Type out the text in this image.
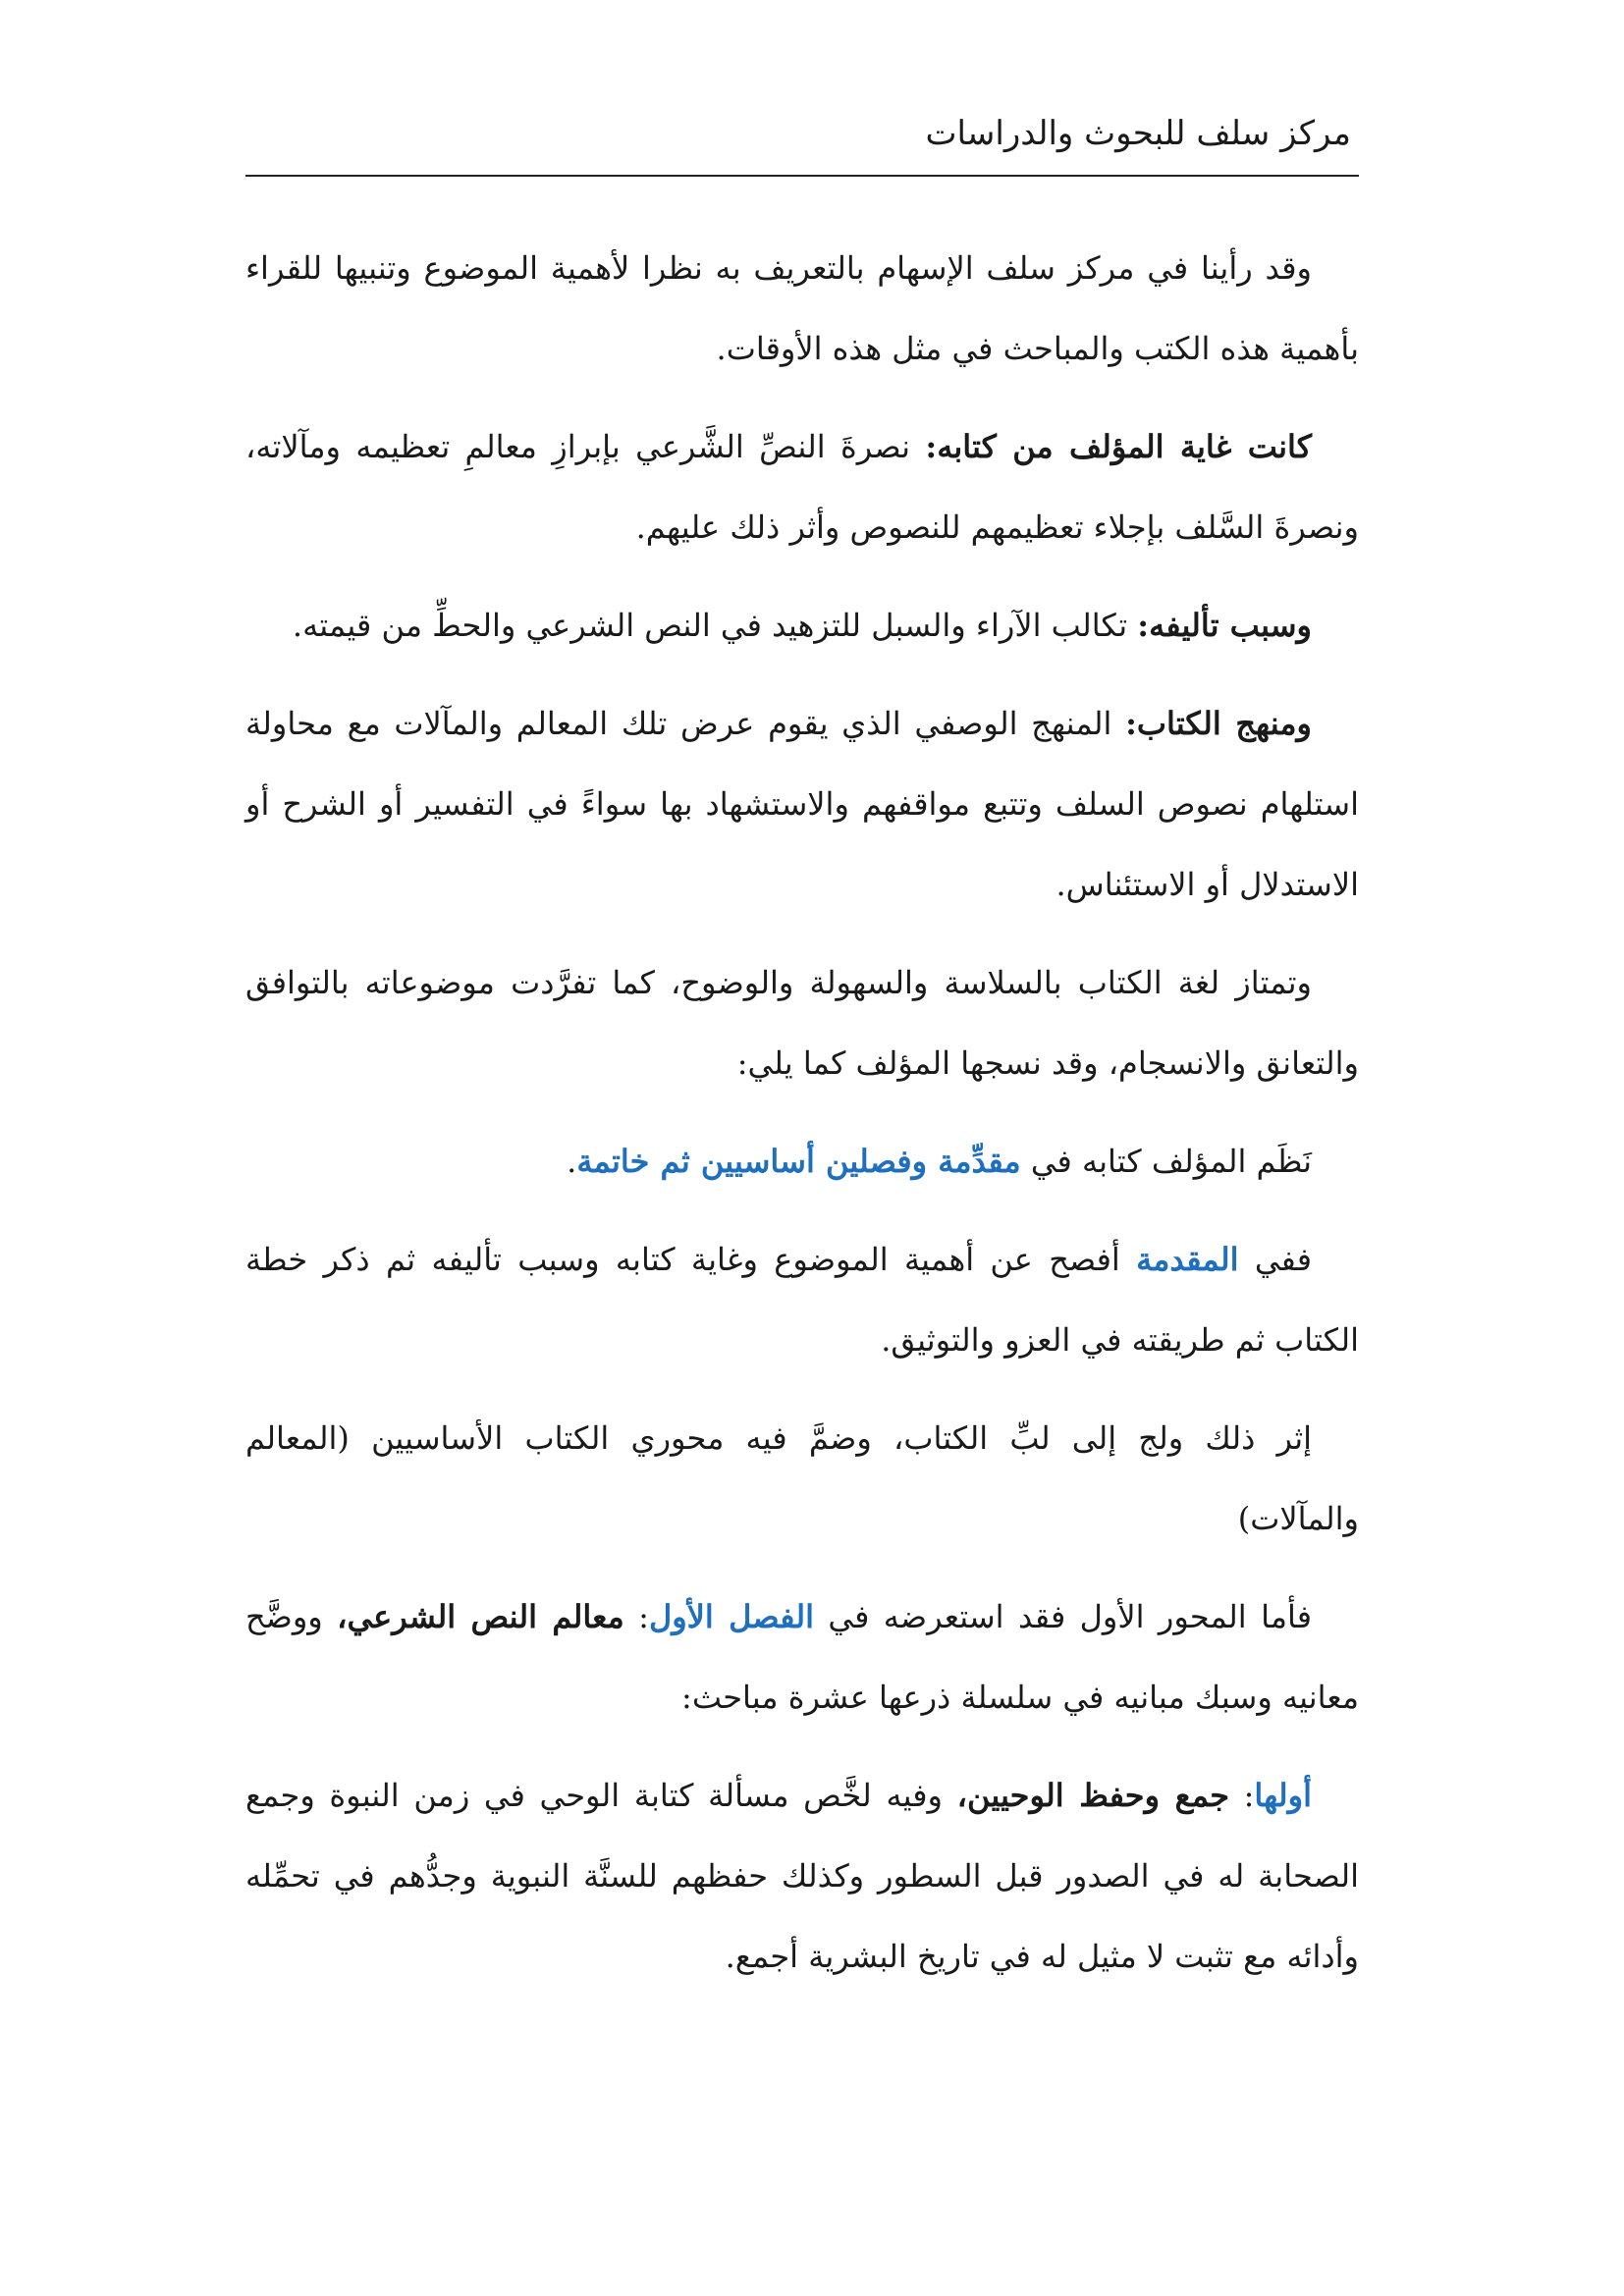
مركز سلف للبحوث والدراسات

وقد رأينا في مركز سلف الإسهام بالتعريف به نظرا لأهمية الموضوع وتنبيها للقراء بأهمية هذه الكتب والمباحث في مثل هذه الأوقات.

كانت غاية المؤلف من كتابه: نصرةَ النصِّ الشَّرعي بإبرازِ معالمِ تعظيمه ومآلاته، ونصرةَ السَّلف بإجلاء تعظيمهم للنصوص وأثر ذلك عليهم.

وسبب تأليفه: تكالب الآراء والسبل للتزهيد في النص الشرعي والحطِّ من قيمته.

ومنهج الكتاب: المنهج الوصفي الذي يقوم عرض تلك المعالم والمآلات مع محاولة استلهام نصوص السلف وتتبع مواقفهم والاستشهاد بها سواءً في التفسير أو الشرح أو الاستدلال أو الاستئناس.

وتمتاز لغة الكتاب بالسلاسة والسهولة والوضوح، كما تفرَّدت موضوعاته بالتوافق والتعانق والانسجام، وقد نسجها المؤلف كما يلي:

نَظَم المؤلف كتابه في مقدِّمة وفصلين أساسيين ثم خاتمة.

ففي المقدمة أفصح عن أهمية الموضوع وغاية كتابه وسبب تأليفه ثم ذكر خطة الكتاب ثم طريقته في العزو والتوثيق.

إثر ذلك ولج إلى لبِّ الكتاب، وضمَّ فيه محوري الكتاب الأساسيين (المعالم والمآلات)

فأما المحور الأول فقد استعرضه في الفصل الأول: معالم النص الشرعي، ووضَّح معانيه وسبك مبانيه في سلسلة ذرعها عشرة مباحث:

أولها: جمع وحفظ الوحيين، وفيه لخَّص مسألة كتابة الوحي في زمن النبوة وجمع الصحابة له في الصدور قبل السطور وكذلك حفظهم للسنَّة النبوية وجدُّهم في تحمِّله وأدائه مع تثبت لا مثيل له في تاريخ البشرية أجمع.
